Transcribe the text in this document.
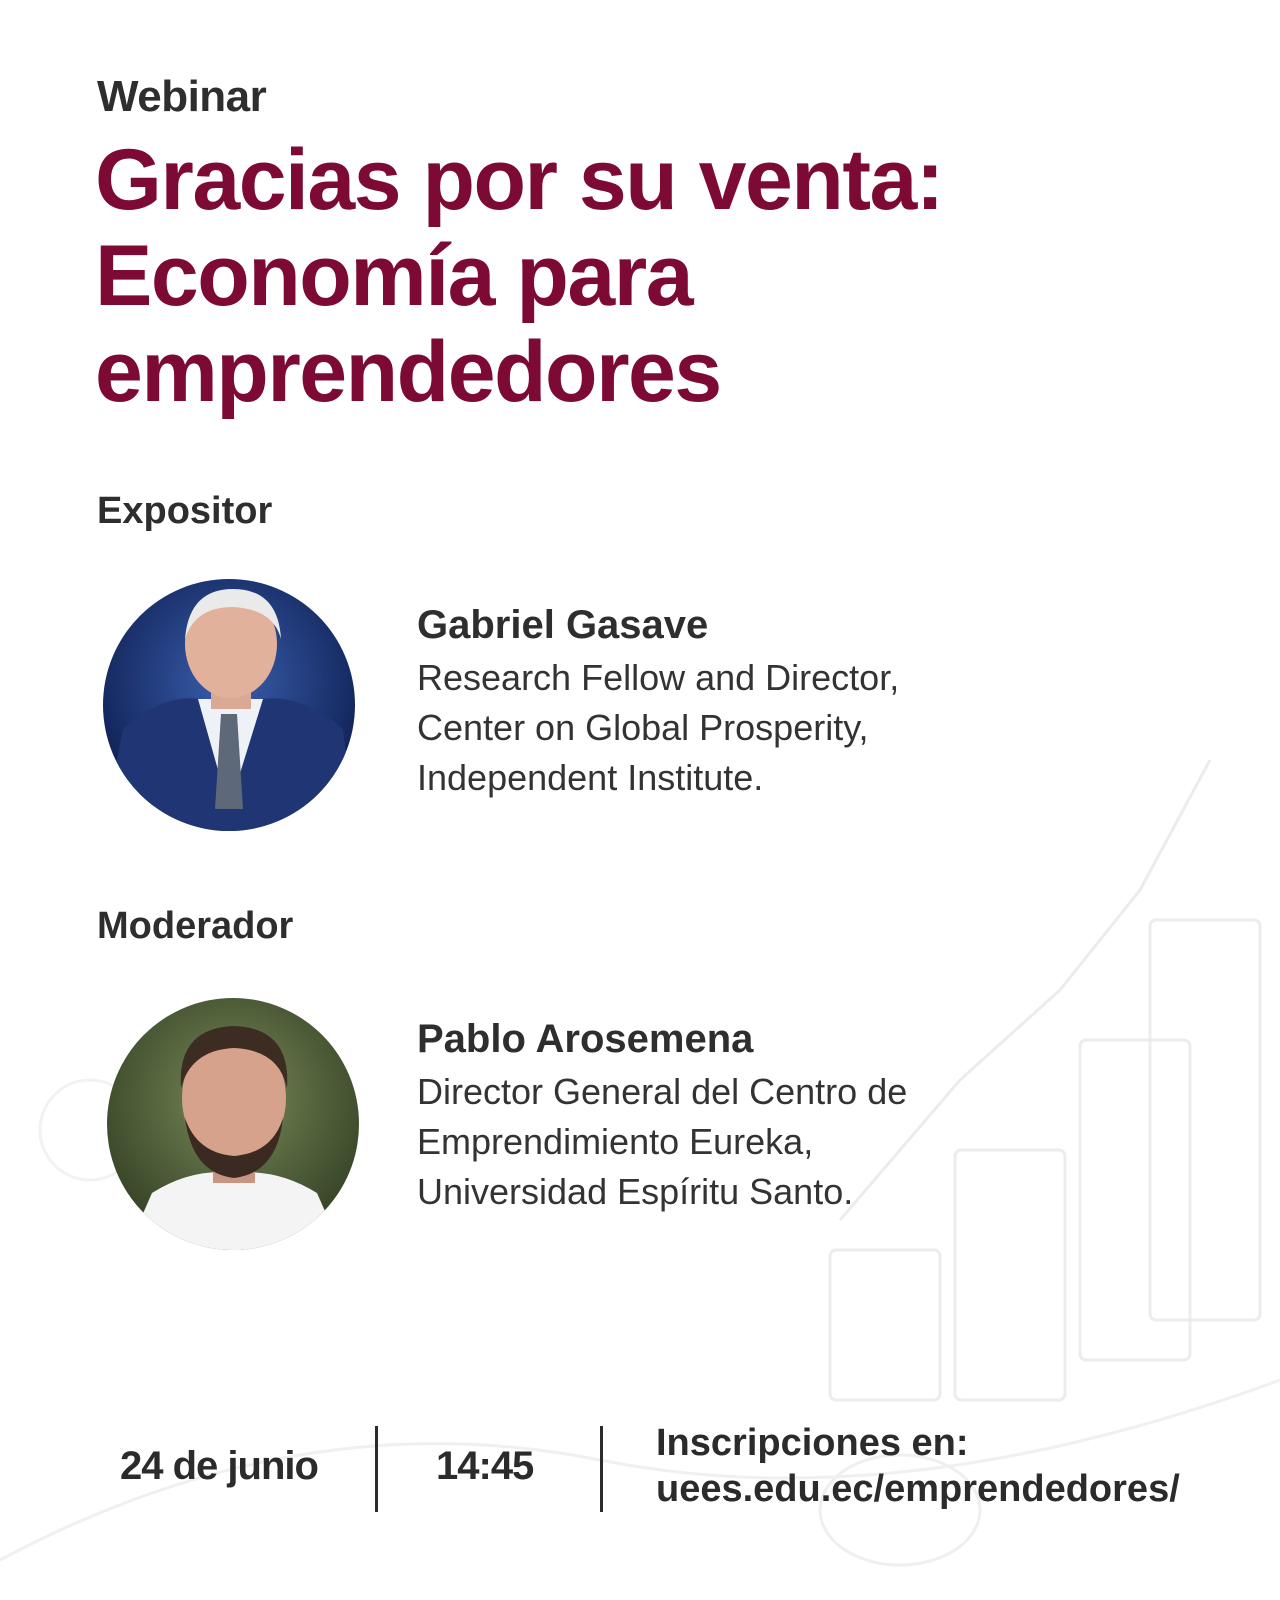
Webinar
Gracias por su venta:
Economía para
emprendedores
Expositor
Gabriel Gasave
Research Fellow and Director,
Center on Global Prosperity,
Independent Institute.
Moderador
Pablo Arosemena
Director General del Centro de
Emprendimiento Eureka,
Universidad Espíritu Santo.
24 de junio	14:45
Inscripciones en:
uees.edu.ec/emprendedores/
